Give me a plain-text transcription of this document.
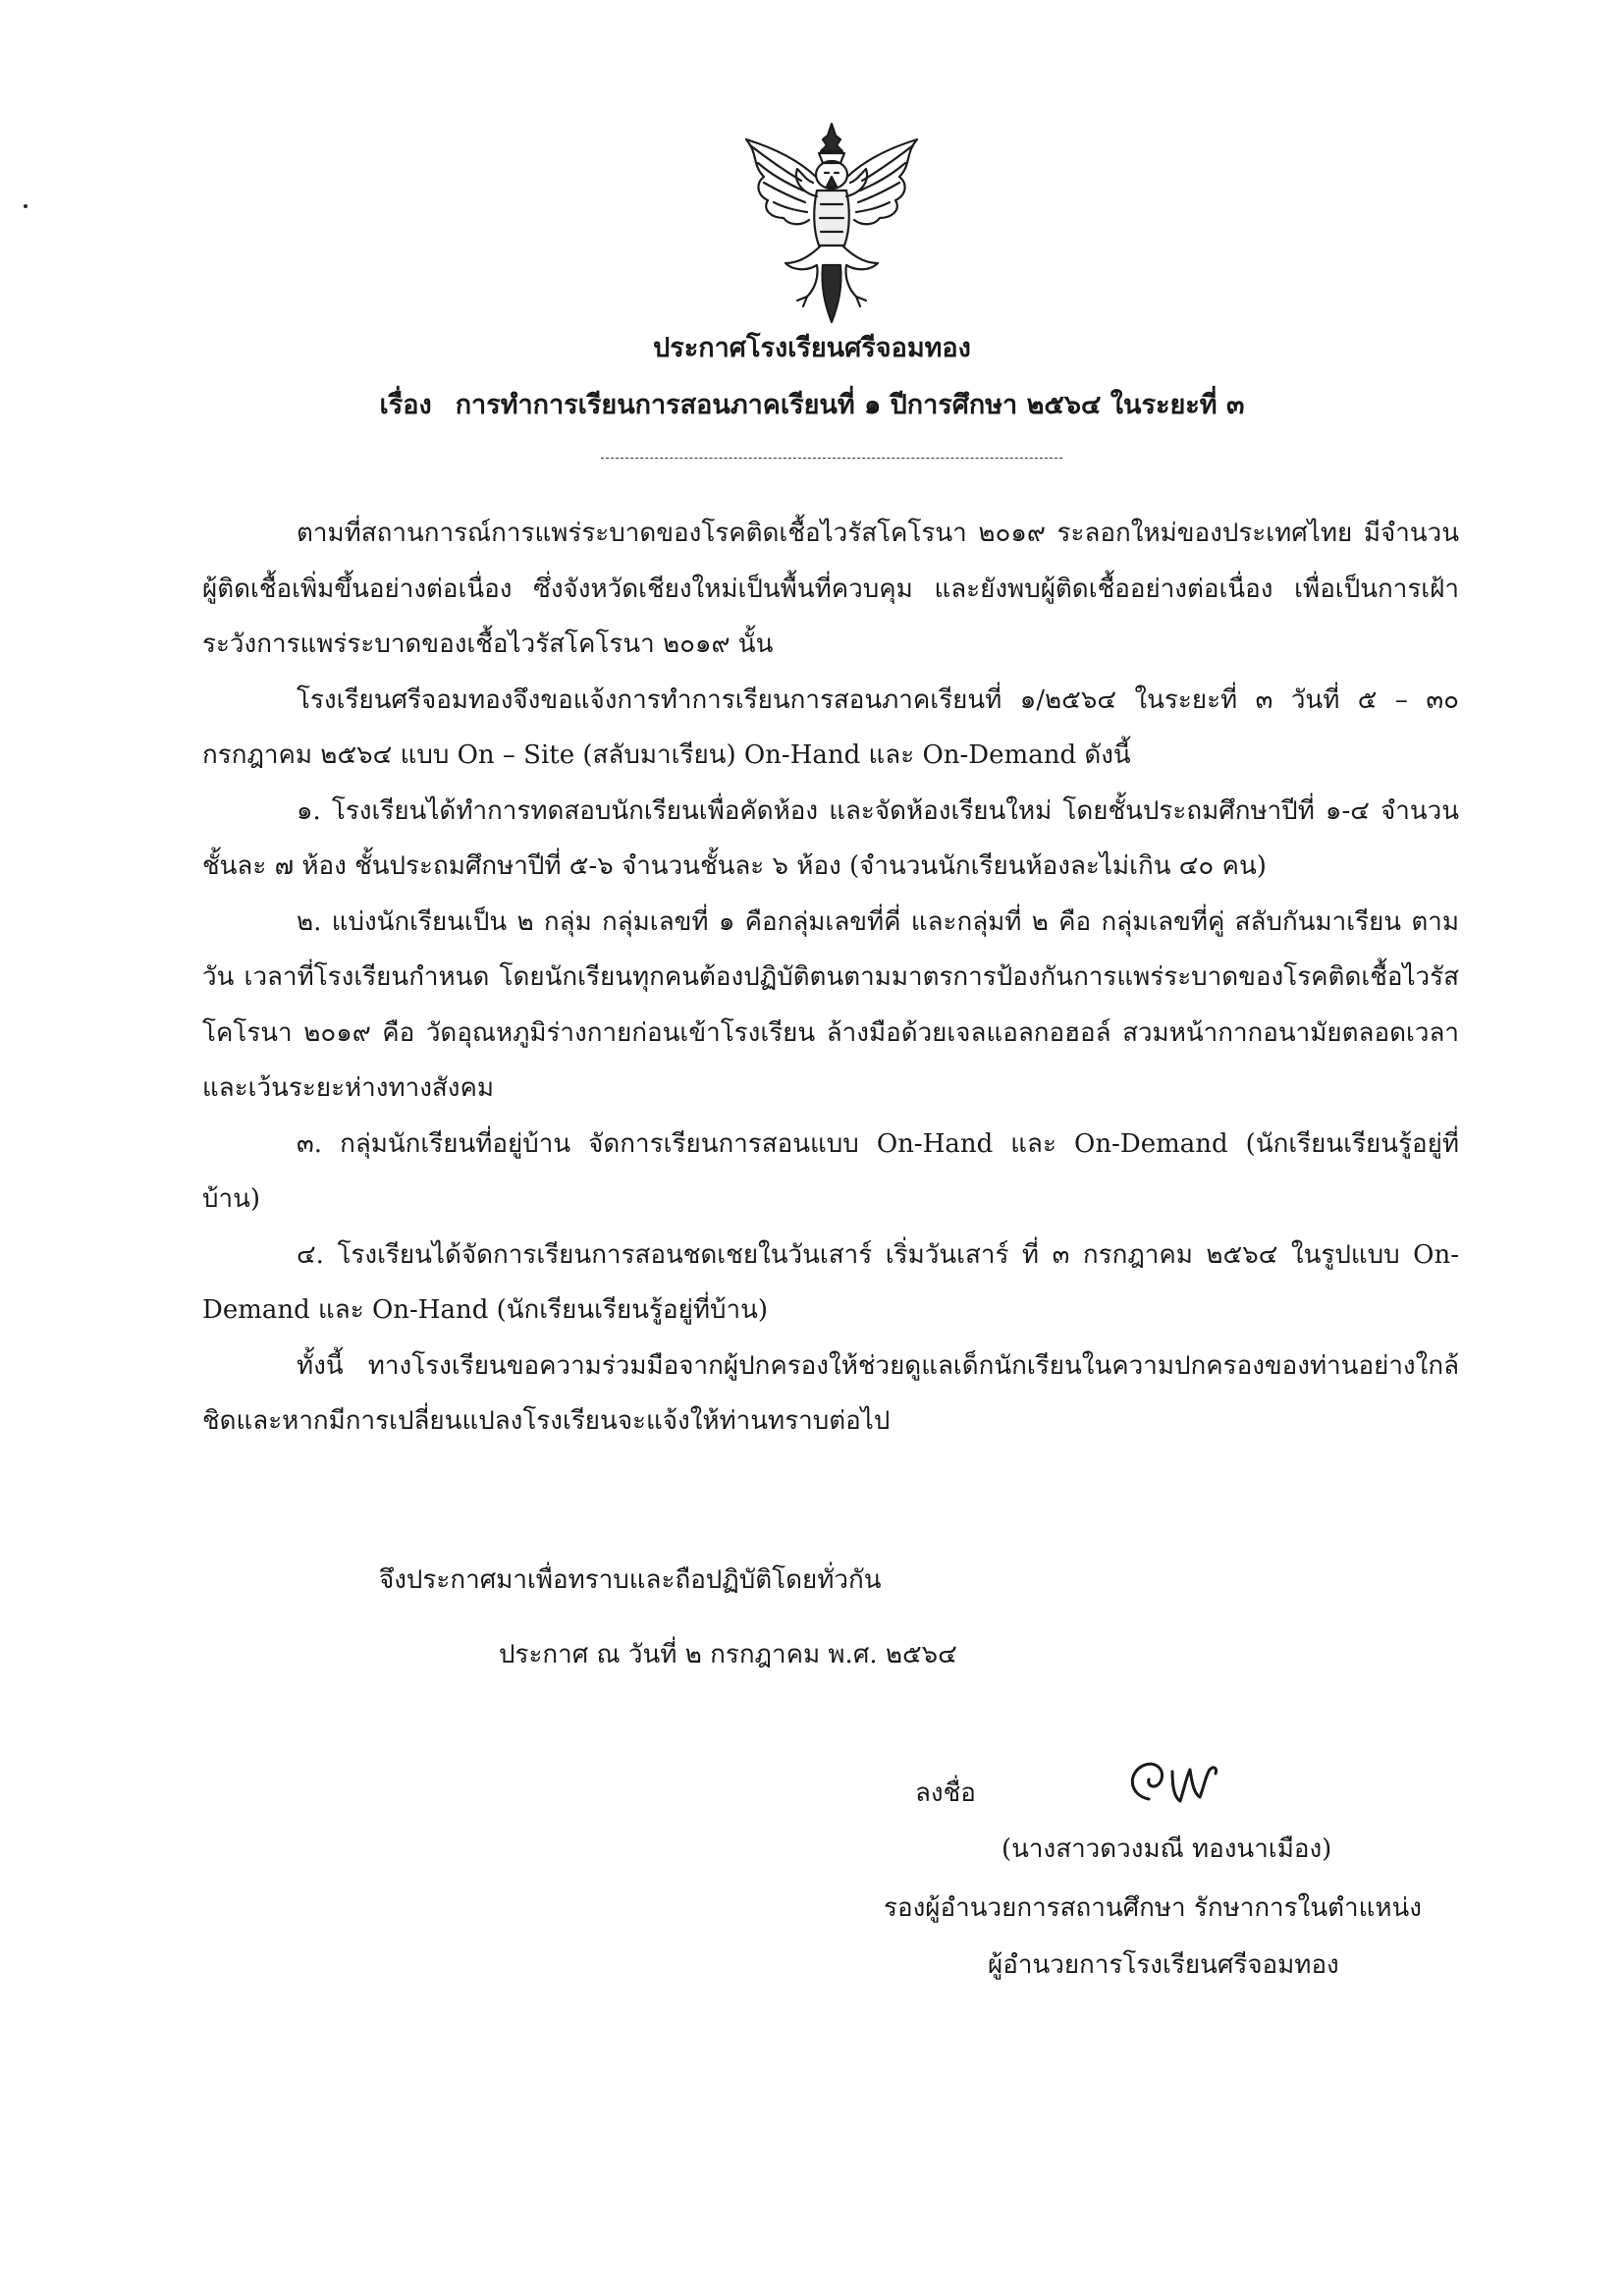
ประกาศโรงเรียนศรีจอมทอง
เรื่อง การทำการเรียนการสอนภาคเรียนที่ ๑ ปีการศึกษา ๒๕๖๔ ในระยะที่ ๓

ตามที่สถานการณ์การแพร่ระบาดของโรคติดเชื้อไวรัสโคโรนา ๒๐๑๙ ระลอกใหม่ของประเทศไทย มีจำนวนผู้ติดเชื้อเพิ่มขึ้นอย่างต่อเนื่อง ซึ่งจังหวัดเชียงใหม่เป็นพื้นที่ควบคุม และยังพบผู้ติดเชื้ออย่างต่อเนื่อง เพื่อเป็นการเฝ้าระวังการแพร่ระบาดของเชื้อไวรัสโคโรนา ๒๐๑๙ นั้น

โรงเรียนศรีจอมทองจึงขอแจ้งการทำการเรียนการสอนภาคเรียนที่ ๑/๒๕๖๔ ในระยะที่ ๓ วันที่ ๕ – ๓๐ กรกฎาคม ๒๕๖๔ แบบ On – Site (สลับมาเรียน) On-Hand และ On-Demand ดังนี้

๑. โรงเรียนได้ทำการทดสอบนักเรียนเพื่อคัดห้อง และจัดห้องเรียนใหม่ โดยชั้นประถมศึกษาปีที่ ๑-๔ จำนวนชั้นละ ๗ ห้อง ชั้นประถมศึกษาปีที่ ๕-๖ จำนวนชั้นละ ๖ ห้อง (จำนวนนักเรียนห้องละไม่เกิน ๔๐ คน)

๒. แบ่งนักเรียนเป็น ๒ กลุ่ม กลุ่มเลขที่ ๑ คือกลุ่มเลขที่คี่ และกลุ่มที่ ๒ คือ กลุ่มเลขที่คู่ สลับกันมาเรียน ตามวัน เวลาที่โรงเรียนกำหนด โดยนักเรียนทุกคนต้องปฏิบัติตนตามมาตรการป้องกันการแพร่ระบาดของโรคติดเชื้อไวรัสโคโรนา ๒๐๑๙ คือ วัดอุณหภูมิร่างกายก่อนเข้าโรงเรียน ล้างมือด้วยเจลแอลกอฮอล์ สวมหน้ากากอนามัยตลอดเวลา และเว้นระยะห่างทางสังคม

๓. กลุ่มนักเรียนที่อยู่บ้าน จัดการเรียนการสอนแบบ On-Hand และ On-Demand (นักเรียนเรียนรู้อยู่ที่บ้าน)

๔. โรงเรียนได้จัดการเรียนการสอนชดเชยในวันเสาร์ เริ่มวันเสาร์ ที่ ๓ กรกฎาคม ๒๕๖๔ ในรูปแบบ On-Demand และ On-Hand (นักเรียนเรียนรู้อยู่ที่บ้าน)

ทั้งนี้ ทางโรงเรียนขอความร่วมมือจากผู้ปกครองให้ช่วยดูแลเด็กนักเรียนในความปกครองของท่านอย่างใกล้ชิดและหากมีการเปลี่ยนแปลงโรงเรียนจะแจ้งให้ท่านทราบต่อไป

จึงประกาศมาเพื่อทราบและถือปฏิบัติโดยทั่วกัน
ประกาศ ณ วันที่ ๒ กรกฎาคม พ.ศ. ๒๕๖๔
ลงชื่อ
(นางสาวดวงมณี ทองนาเมือง)
รองผู้อำนวยการสถานศึกษา รักษาการในตำแหน่ง
ผู้อำนวยการโรงเรียนศรีจอมทอง
